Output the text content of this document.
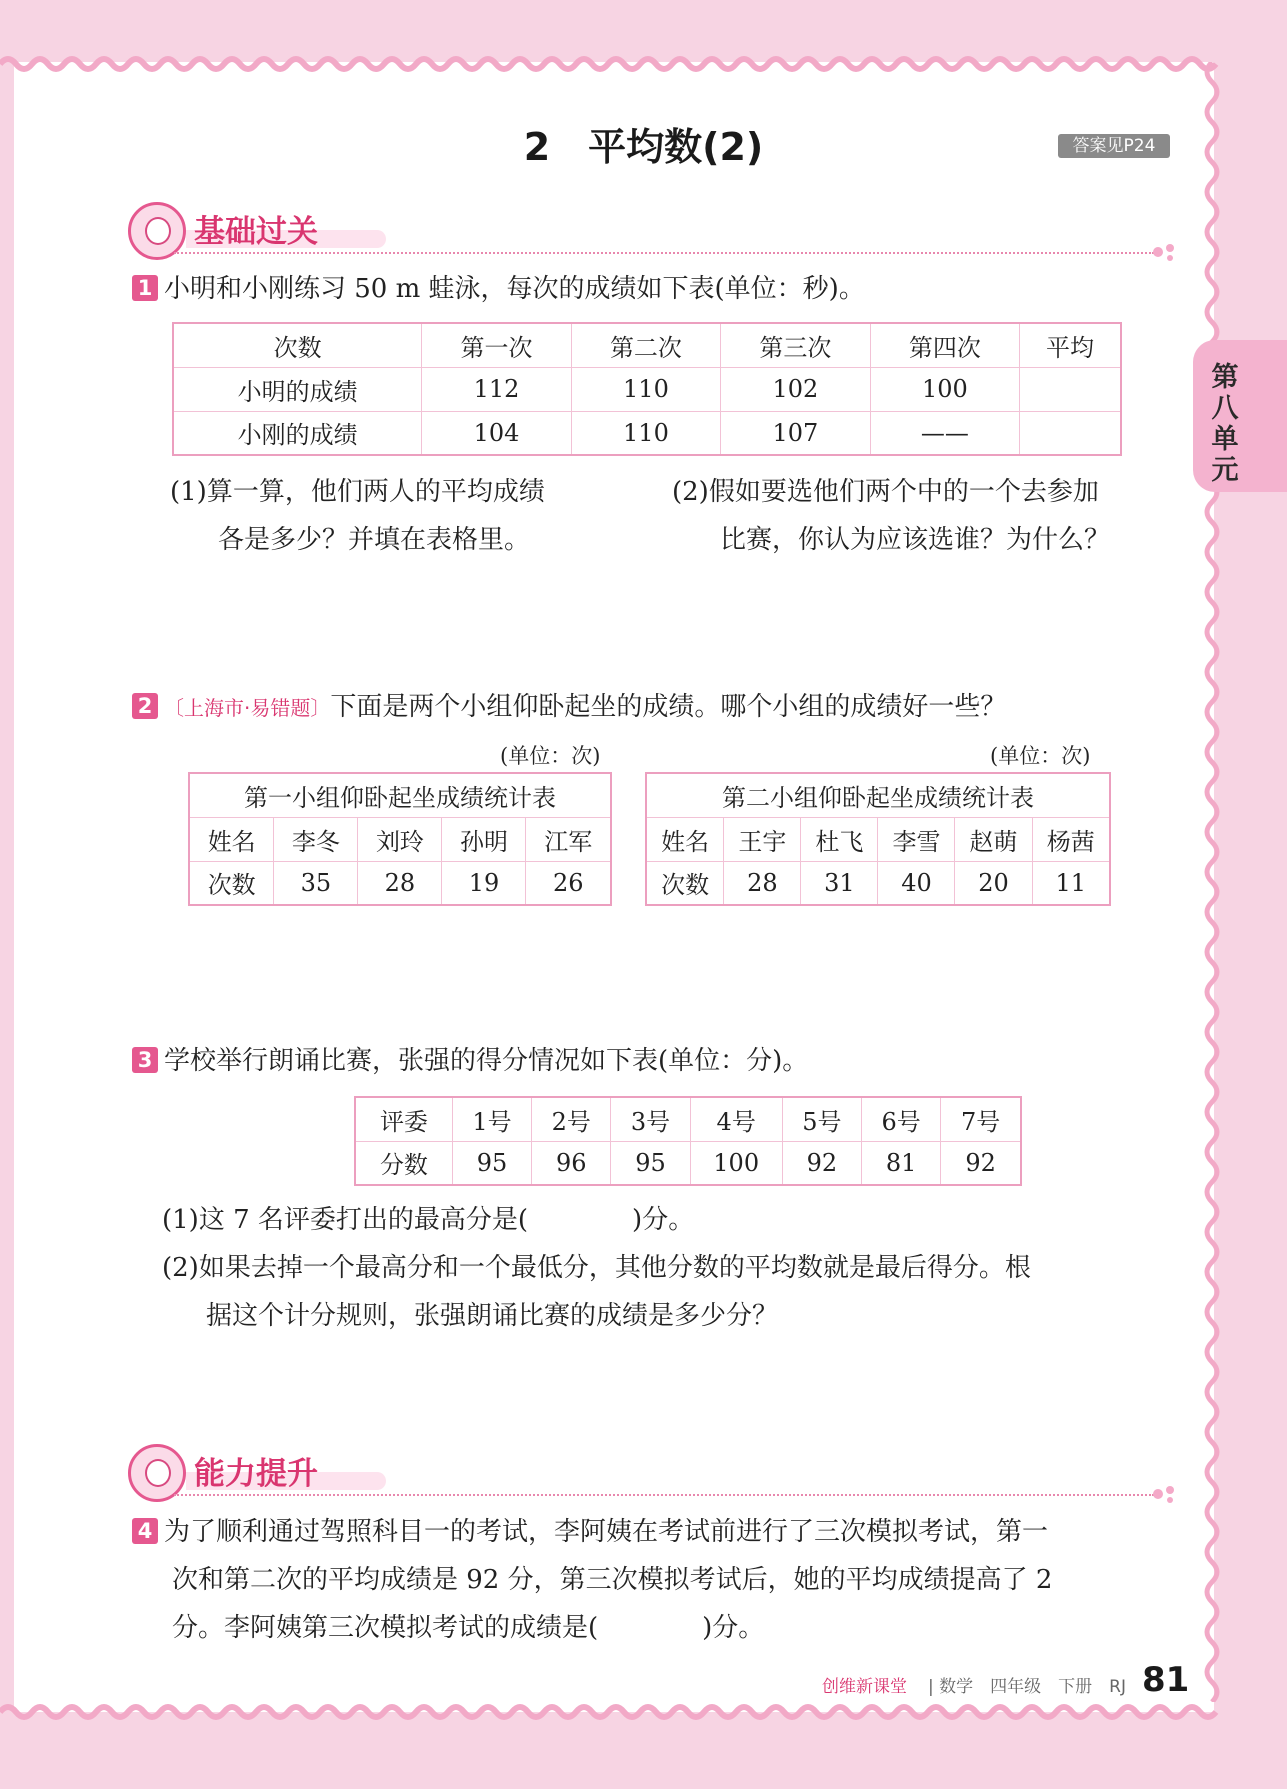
第八单元
2　平均数(2)	答案见P24
基础过关
1 小明和小刚练习 50 m 蛙泳，每次的成绩如下表(单位：秒)。
次数	第一次	第二次	第三次	第四次	平均
小明的成绩	112	110	102	100	
小刚的成绩	104	110	107	——	
(1)算一算，他们两人的平均成绩
各是多少？并填在表格里。
(2)假如要选他们两个中的一个去参加
比赛，你认为应该选谁？为什么？
2 〔上海市·易错题〕下面是两个小组仰卧起坐的成绩。哪个小组的成绩好一些？
(单位：次)	(单位：次)
第一小组仰卧起坐成绩统计表				
姓名	李冬	刘玲	孙明	江军
次数	35	28	19	26
第二小组仰卧起坐成绩统计表					
姓名	王宇	杜飞	李雪	赵萌	杨茜
次数	28	31	40	20	11
3 学校举行朗诵比赛，张强的得分情况如下表(单位：分)。
评委	1号	2号	3号	4号	5号	6号	7号
分数	95	96	95	100	92	81	92
(1)这 7 名评委打出的最高分是(　　　　)分。
(2)如果去掉一个最高分和一个最低分，其他分数的平均数就是最后得分。根
据这个计分规则，张强朗诵比赛的成绩是多少分？
能力提升
4 为了顺利通过驾照科目一的考试，李阿姨在考试前进行了三次模拟考试，第一
次和第二次的平均成绩是 92 分，第三次模拟考试后，她的平均成绩提高了 2
分。李阿姨第三次模拟考试的成绩是(　　　　)分。
创维新课堂 | 数学　四年级　下册　RJ 81
